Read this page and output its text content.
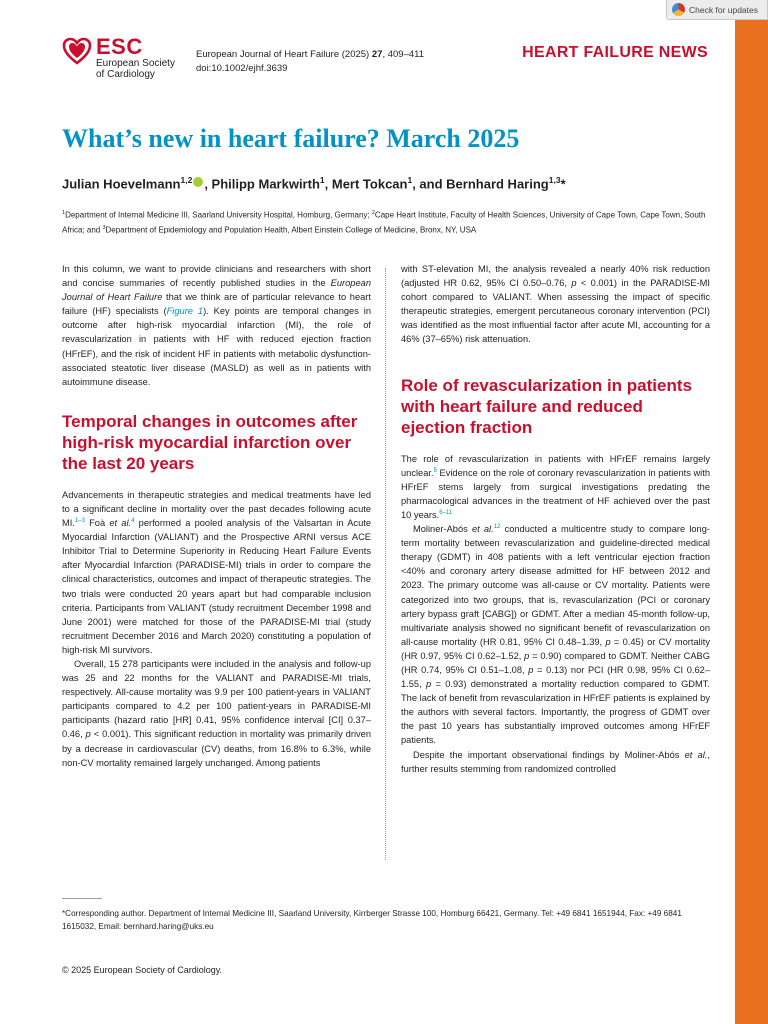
Check for updates
ESC
European Society
of Cardiology
European Journal of Heart Failure (2025) 27, 409–411
doi:10.1002/ejhf.3639
HEART FAILURE NEWS
What’s new in heart failure? March 2025
Julian Hoevelmann$^{1,2}$ , Philipp Markwirth$^1$, Mert Tokcan$^1$, and Bernhard Haring$^{1,3}$*
$^1$Department of Internal Medicine III, Saarland University Hospital, Homburg, Germany; $^2$Cape Heart Institute, Faculty of Health Sciences, University of Cape Town, Cape Town, South Africa; and $^3$Department of Epidemiology and Population Health, Albert Einstein College of Medicine, Bronx, NY, USA

In this column, we want to provide clinicians and researchers with short and concise summaries of recently published studies in the European Journal of Heart Failure that we think are of particular relevance to heart failure (HF) specialists (Figure 1). Key points are temporal changes in outcome after high-risk myocardial infarction (MI), the role of revascularization in patients with HF with reduced ejection fraction (HFrEF), and the risk of incident HF in patients with metabolic dysfunction-associated steatotic liver disease (MASLD) as well as in patients with autoimmune disease.

Temporal changes in outcomes after high-risk myocardial infarction over the last 20 years

Advancements in therapeutic strategies and medical treatments have led to a significant decline in mortality over the past decades following acute MI.$^{1-3}$ Foà et al.$^4$ performed a pooled analysis of the Valsartan in Acute Myocardial Infarction (VALIANT) and the Prospective ARNI versus ACE Inhibitor Trial to Determine Superiority in Reducing Heart Failure Events after Myocardial Infarction (PARADISE-MI) trials in order to compare the clinical characteristics, outcomes and impact of therapeutic strategies. The two trials were conducted 20 years apart but had comparable inclusion criteria. Participants from VALIANT (study recruitment December 1998 and June 2001) were matched for those of the PARADISE-MI trial (study recruitment December 2016 and March 2020) constituting a population of high-risk MI survivors.

Overall, 15 278 participants were included in the analysis and follow-up was 25 and 22 months for the VALIANT and PARADISE-MI trials, respectively. All-cause mortality was 9.9 per 100 patient-years in VALIANT participants compared to 4.2 per 100 patient-years in PARADISE-MI participants (hazard ratio [HR] 0.41, 95% confidence interval [CI] 0.37–0.46, p < 0.001). This significant reduction in mortality was primarily driven by a decrease in cardiovascular (CV) deaths, from 16.8% to 6.3%, while non-CV mortality remained largely unchanged. Among patients

with ST-elevation MI, the analysis revealed a nearly 40% risk reduction (adjusted HR 0.62, 95% CI 0.50–0.76, p < 0.001) in the PARADISE-MI cohort compared to VALIANT. When assessing the impact of specific therapeutic strategies, emergent percutaneous coronary intervention (PCI) was identified as the most influential factor after acute MI, accounting for a 46% (37–65%) risk attenuation.

Role of revascularization in patients with heart failure and reduced ejection fraction

The role of revascularization in patients with HFrEF remains largely unclear.$^5$ Evidence on the role of coronary revascularization in patients with HFrEF stems largely from surgical investigations predating the pharmacological advances in the treatment of HF achieved over the past 10 years.$^{6-11}$

Moliner-Abós et al.$^{12}$ conducted a multicentre study to compare long-term mortality between revascularization and guideline-directed medical therapy (GDMT) in 408 patients with a left ventricular ejection fraction <40% and coronary artery disease admitted for HF between 2012 and 2023. The primary outcome was all-cause or CV mortality. Patients were categorized into two groups, that is, revascularization (PCI or coronary artery bypass graft [CABG]) or GDMT. After a median 45-month follow-up, multivariate analysis showed no significant benefit of revascularization on all-cause mortality (HR 0.81, 95% CI 0.48–1.39, p = 0.45) or CV mortality (HR 0.97, 95% CI 0.62–1.52, p = 0.90) compared to GDMT. Neither CABG (HR 0.74, 95% CI 0.51–1.08, p = 0.13) nor PCI (HR 0.98, 95% CI 0.62–1.55, p = 0.93) demonstrated a mortality reduction compared to GDMT. The lack of benefit from revascularization in HFrEF patients is explained by the authors with several factors. Importantly, the progress of GDMT over the past 10 years has substantially improved outcomes among HFrEF patients.

Despite the important observational findings by Moliner-Abós et al., further results stemming from randomized controlled

*Corresponding author. Department of Internal Medicine III, Saarland University, Kirrberger Strasse 100, Homburg 66421, Germany. Tel: +49 6841 1651944, Fax: +49 6841 1615032, Email: bernhard.haring@uks.eu
© 2025 European Society of Cardiology.
